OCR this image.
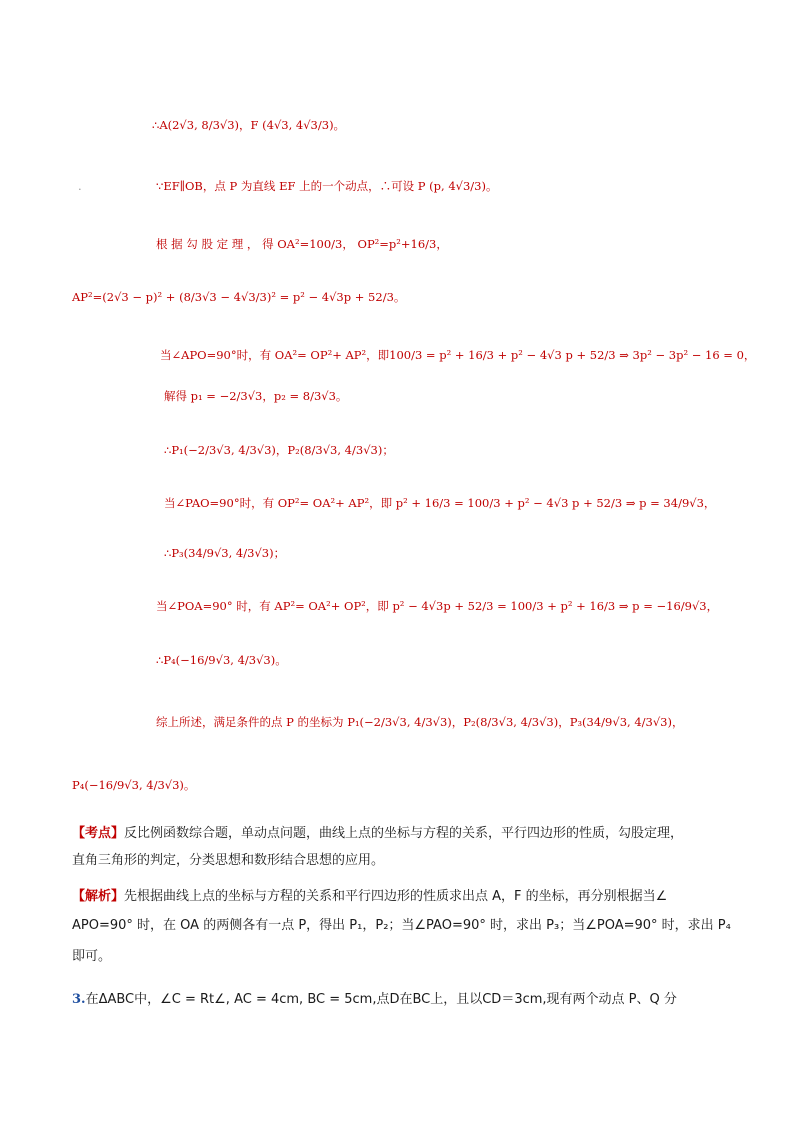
∴A(2√3, 8/3√3)，F (4√3, 4√3/3)。
.	∵EF∥OB，点 P 为直线 EF 上的一个动点，∴可设 P (p, 4√3/3)。
根 据 勾 股 定 理 ， 得 OA²=100/3， OP²=p²+16/3，
AP²=(2√3 − p)² + (8/3√3 − 4√3/3)² = p² − 4√3p + 52/3。
当∠APO=90°时，有 OA²= OP²+ AP²，即100/3 = p² + 16/3 + p² − 4√3 p + 52/3 ⇒ 3p² − 3p² − 16 = 0，
解得 p₁ = −2/3√3，p₂ = 8/3√3。
∴P₁(−2/3√3, 4/3√3)，P₂(8/3√3, 4/3√3)；
当∠PAO=90°时，有 OP²= OA²+ AP²，即 p² + 16/3 = 100/3 + p² − 4√3 p + 52/3 ⇒ p = 34/9√3，
∴P₃(34/9√3, 4/3√3)；
当∠POA=90° 时，有 AP²= OA²+ OP²，即 p² − 4√3p + 52/3 = 100/3 + p² + 16/3 ⇒ p = −16/9√3，
∴P₄(−16/9√3, 4/3√3)。
综上所述，满足条件的点 P 的坐标为 P₁(−2/3√3, 4/3√3)，P₂(8/3√3, 4/3√3)，P₃(34/9√3, 4/3√3)，
P₄(−16/9√3, 4/3√3)。
【考点】反比例函数综合题，单动点问题，曲线上点的坐标与方程的关系，平行四边形的性质，勾股定理，
直角三角形的判定，分类思想和数形结合思想的应用。
【解析】先根据曲线上点的坐标与方程的关系和平行四边形的性质求出点 A，F 的坐标，再分别根据当∠
APO=90° 时，在 OA 的两侧各有一点 P，得出 P₁，P₂；当∠PAO=90° 时，求出 P₃；当∠POA=90° 时，求出 P₄
即可。
3.在ΔABC中，∠C = Rt∠, AC = 4cm, BC = 5cm,点D在BC上，且以CD＝3cm,现有两个动点 P、Q 分
